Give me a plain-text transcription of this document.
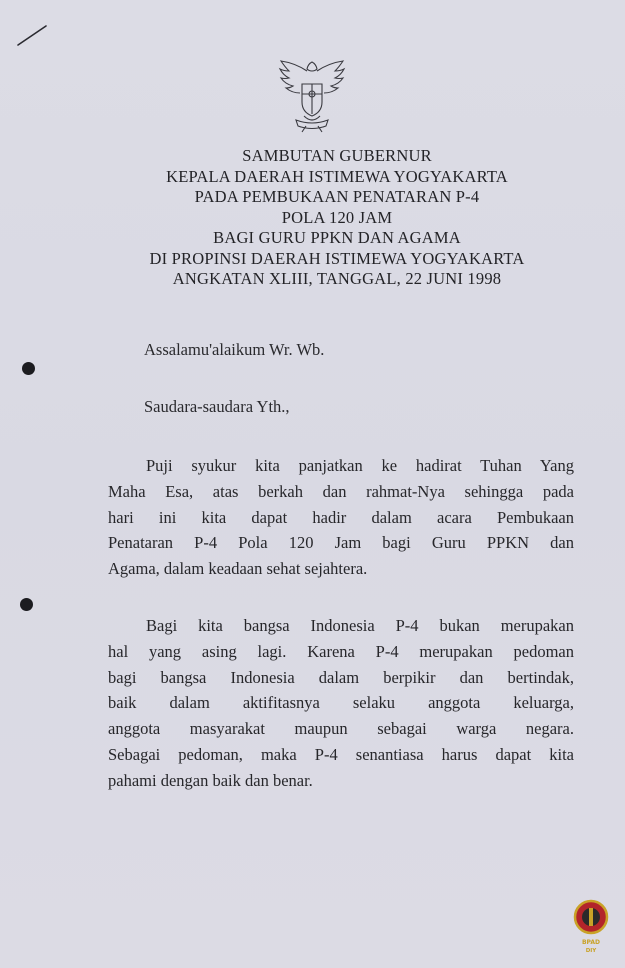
SAMBUTAN GUBERNUR
KEPALA DAERAH ISTIMEWA YOGYAKARTA
PADA PEMBUKAAN PENATARAN P-4
POLA 120 JAM
BAGI GURU PPKN DAN AGAMA
DI PROPINSI DAERAH ISTIMEWA YOGYAKARTA
ANGKATAN XLIII, TANGGAL, 22 JUNI 1998
Assalamu'alaikum Wr. Wb.
Saudara-saudara Yth.,
Puji syukur kita panjatkan ke hadirat Tuhan Yang
Maha Esa, atas berkah dan rahmat-Nya sehingga pada
hari ini kita dapat hadir dalam acara Pembukaan
Penataran P-4 Pola 120 Jam bagi Guru PPKN dan
Agama, dalam keadaan sehat sejahtera.
Bagi kita bangsa Indonesia P-4 bukan merupakan
hal yang asing lagi. Karena P-4 merupakan pedoman
bagi bangsa Indonesia dalam berpikir dan bertindak,
baik dalam aktifitasnya selaku anggota keluarga,
anggota masyarakat maupun sebagai warga negara.
Sebagai pedoman, maka P-4 senantiasa harus dapat kita
pahami dengan baik dan benar.
BPAD
DIY
